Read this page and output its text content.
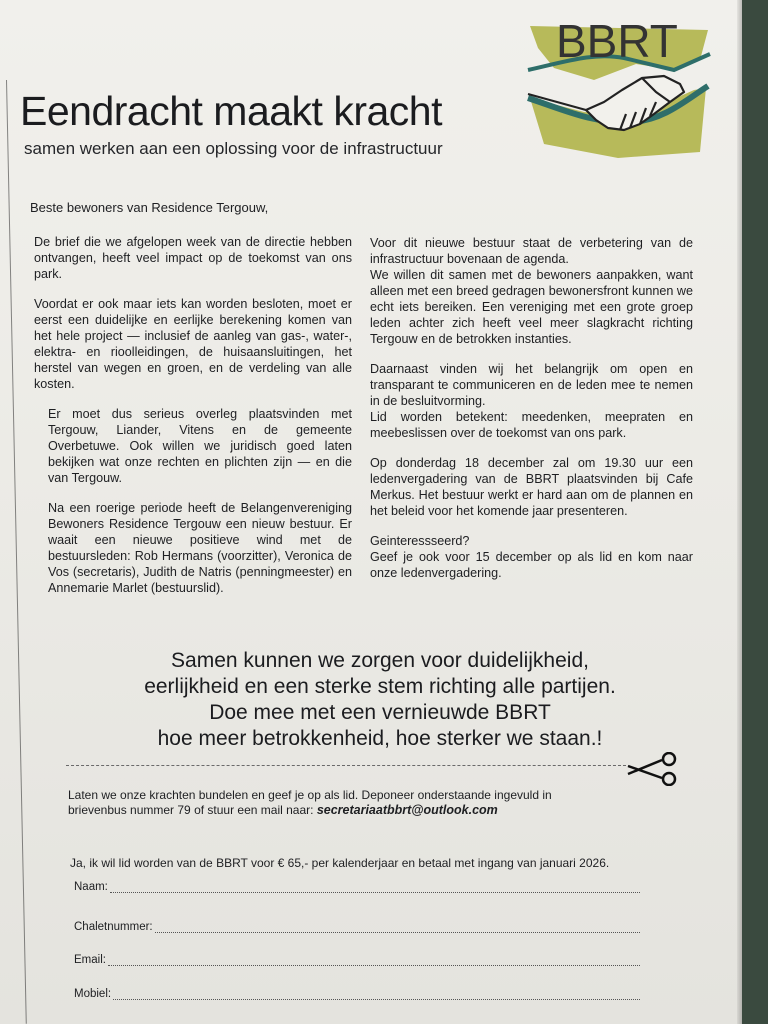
BBRT
Eendracht maakt kracht
samen werken aan een oplossing voor de infrastructuur
Beste bewoners van Residence Tergouw,

De brief die we afgelopen week van de directie hebben ontvangen, heeft veel impact op de toekomst van ons park.

Voordat er ook maar iets kan worden besloten, moet er eerst een duidelijke en eerlijke berekening komen van het hele project — inclusief de aanleg van gas-, water-, elektra- en rioolleidingen, de huisaansluitingen, het herstel van wegen en groen, en de verdeling van alle kosten.

Er moet dus serieus overleg plaatsvinden met Tergouw, Liander, Vitens en de gemeente Overbetuwe. Ook willen we juridisch goed laten bekijken wat onze rechten en plichten zijn — en die van Tergouw.

Na een roerige periode heeft de Belangenvereniging Bewoners Residence Tergouw een nieuw bestuur. Er waait een nieuwe positieve wind met de bestuursleden: Rob Hermans (voorzitter), Veronica de Vos (secretaris), Judith de Natris (penningmeester) en Annemarie Marlet (bestuurslid).

Voor dit nieuwe bestuur staat de verbetering van de infrastructuur bovenaan de agenda.

We willen dit samen met de bewoners aanpakken, want alleen met een breed gedragen bewonersfront kunnen we echt iets bereiken. Een vereniging met een grote groep leden achter zich heeft veel meer slagkracht richting Tergouw en de betrokken instanties.

Daarnaast vinden wij het belangrijk om open en transparant te communiceren en de leden mee te nemen in de besluitvorming.

Lid worden betekent: meedenken, meepraten en meebeslissen over de toekomst van ons park.

Op donderdag 18 december zal om 19.30 uur een ledenvergadering van de BBRT plaatsvinden bij Cafe Merkus. Het bestuur werkt er hard aan om de plannen en het beleid voor het komende jaar presenteren.

Geinteressseerd?

Geef je ook voor 15 december op als lid en kom naar onze ledenvergadering.

Samen kunnen we zorgen voor duidelijkheid,
eerlijkheid en een sterke stem richting alle partijen.
Doe mee met een vernieuwde BBRT
hoe meer betrokkenheid, hoe sterker we staan.!
Laten we onze krachten bundelen en geef je op als lid. Deponeer onderstaande ingevuld in brievenbus nummer 79 of stuur een mail naar: secretariaatbbrt@outlook.com
Ja, ik wil lid worden van de BBRT voor € 65,- per kalenderjaar en betaal met ingang van januari 2026.
Naam:
Chaletnummer:
Email:
Mobiel:
